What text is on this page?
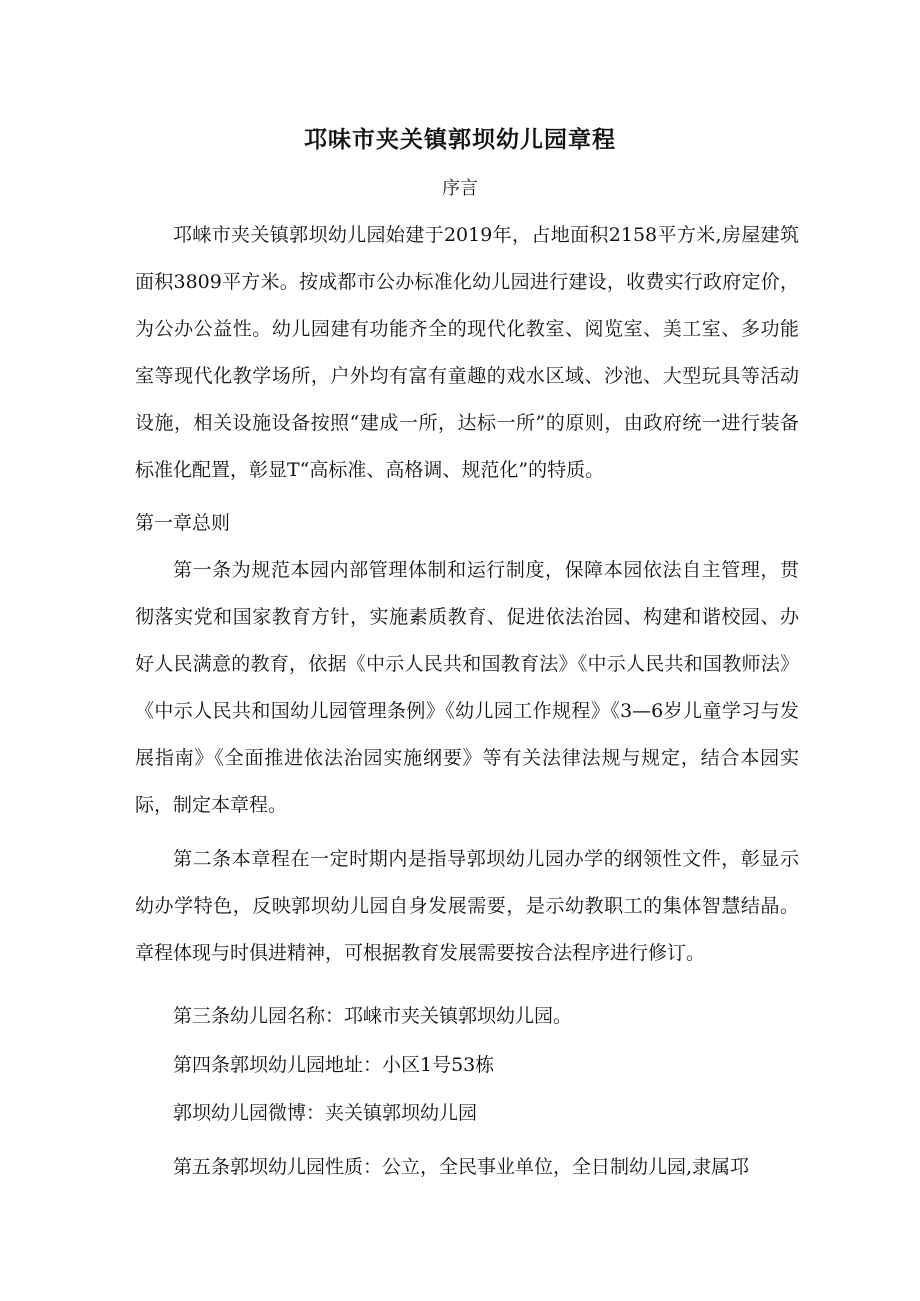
邛味市夹关镇郭坝幼儿园章程
序言

邛崃市夹关镇郭坝幼儿园始建于2019年，占地面积2158平方米,房屋建筑面积3809平方米。按成都市公办标准化幼儿园进行建设，收费实行政府定价，为公办公益性。幼儿园建有功能齐全的现代化教室、阅览室、美工室、多功能室等现代化教学场所，户外均有富有童趣的戏水区域、沙池、大型玩具等活动设施，相关设施设备按照“建成一所，达标一所”的原则，由政府统一进行装备标准化配置，彰显T“高标准、高格调、规范化”的特质。

第一章总则

第一条为规范本园内部管理体制和运行制度，保障本园依法自主管理，贯彻落实党和国家教育方针，实施素质教育、促进依法治园、构建和谐校园、办好人民满意的教育，依据《中示人民共和国教育法》《中示人民共和国教师法》《中示人民共和国幼儿园管理条例》《幼儿园工作规程》《3—6岁儿童学习与发展指南》《全面推进依法治园实施纲要》等有关法律法规与规定，结合本园实际，制定本章程。

第二条本章程在一定时期内是指导郭坝幼儿园办学的纲领性文件，彰显示幼办学特色，反映郭坝幼儿园自身发展需要，是示幼教职工的集体智慧结晶。章程体现与时俱进精神，可根据教育发展需要按合法程序进行修订。

第三条幼儿园名称：邛崃市夹关镇郭坝幼儿园。

第四条郭坝幼儿园地址：小区1号53栋

郭坝幼儿园微博：夹关镇郭坝幼儿园

第五条郭坝幼儿园性质：公立，全民事业单位，全日制幼儿园,隶属邛
